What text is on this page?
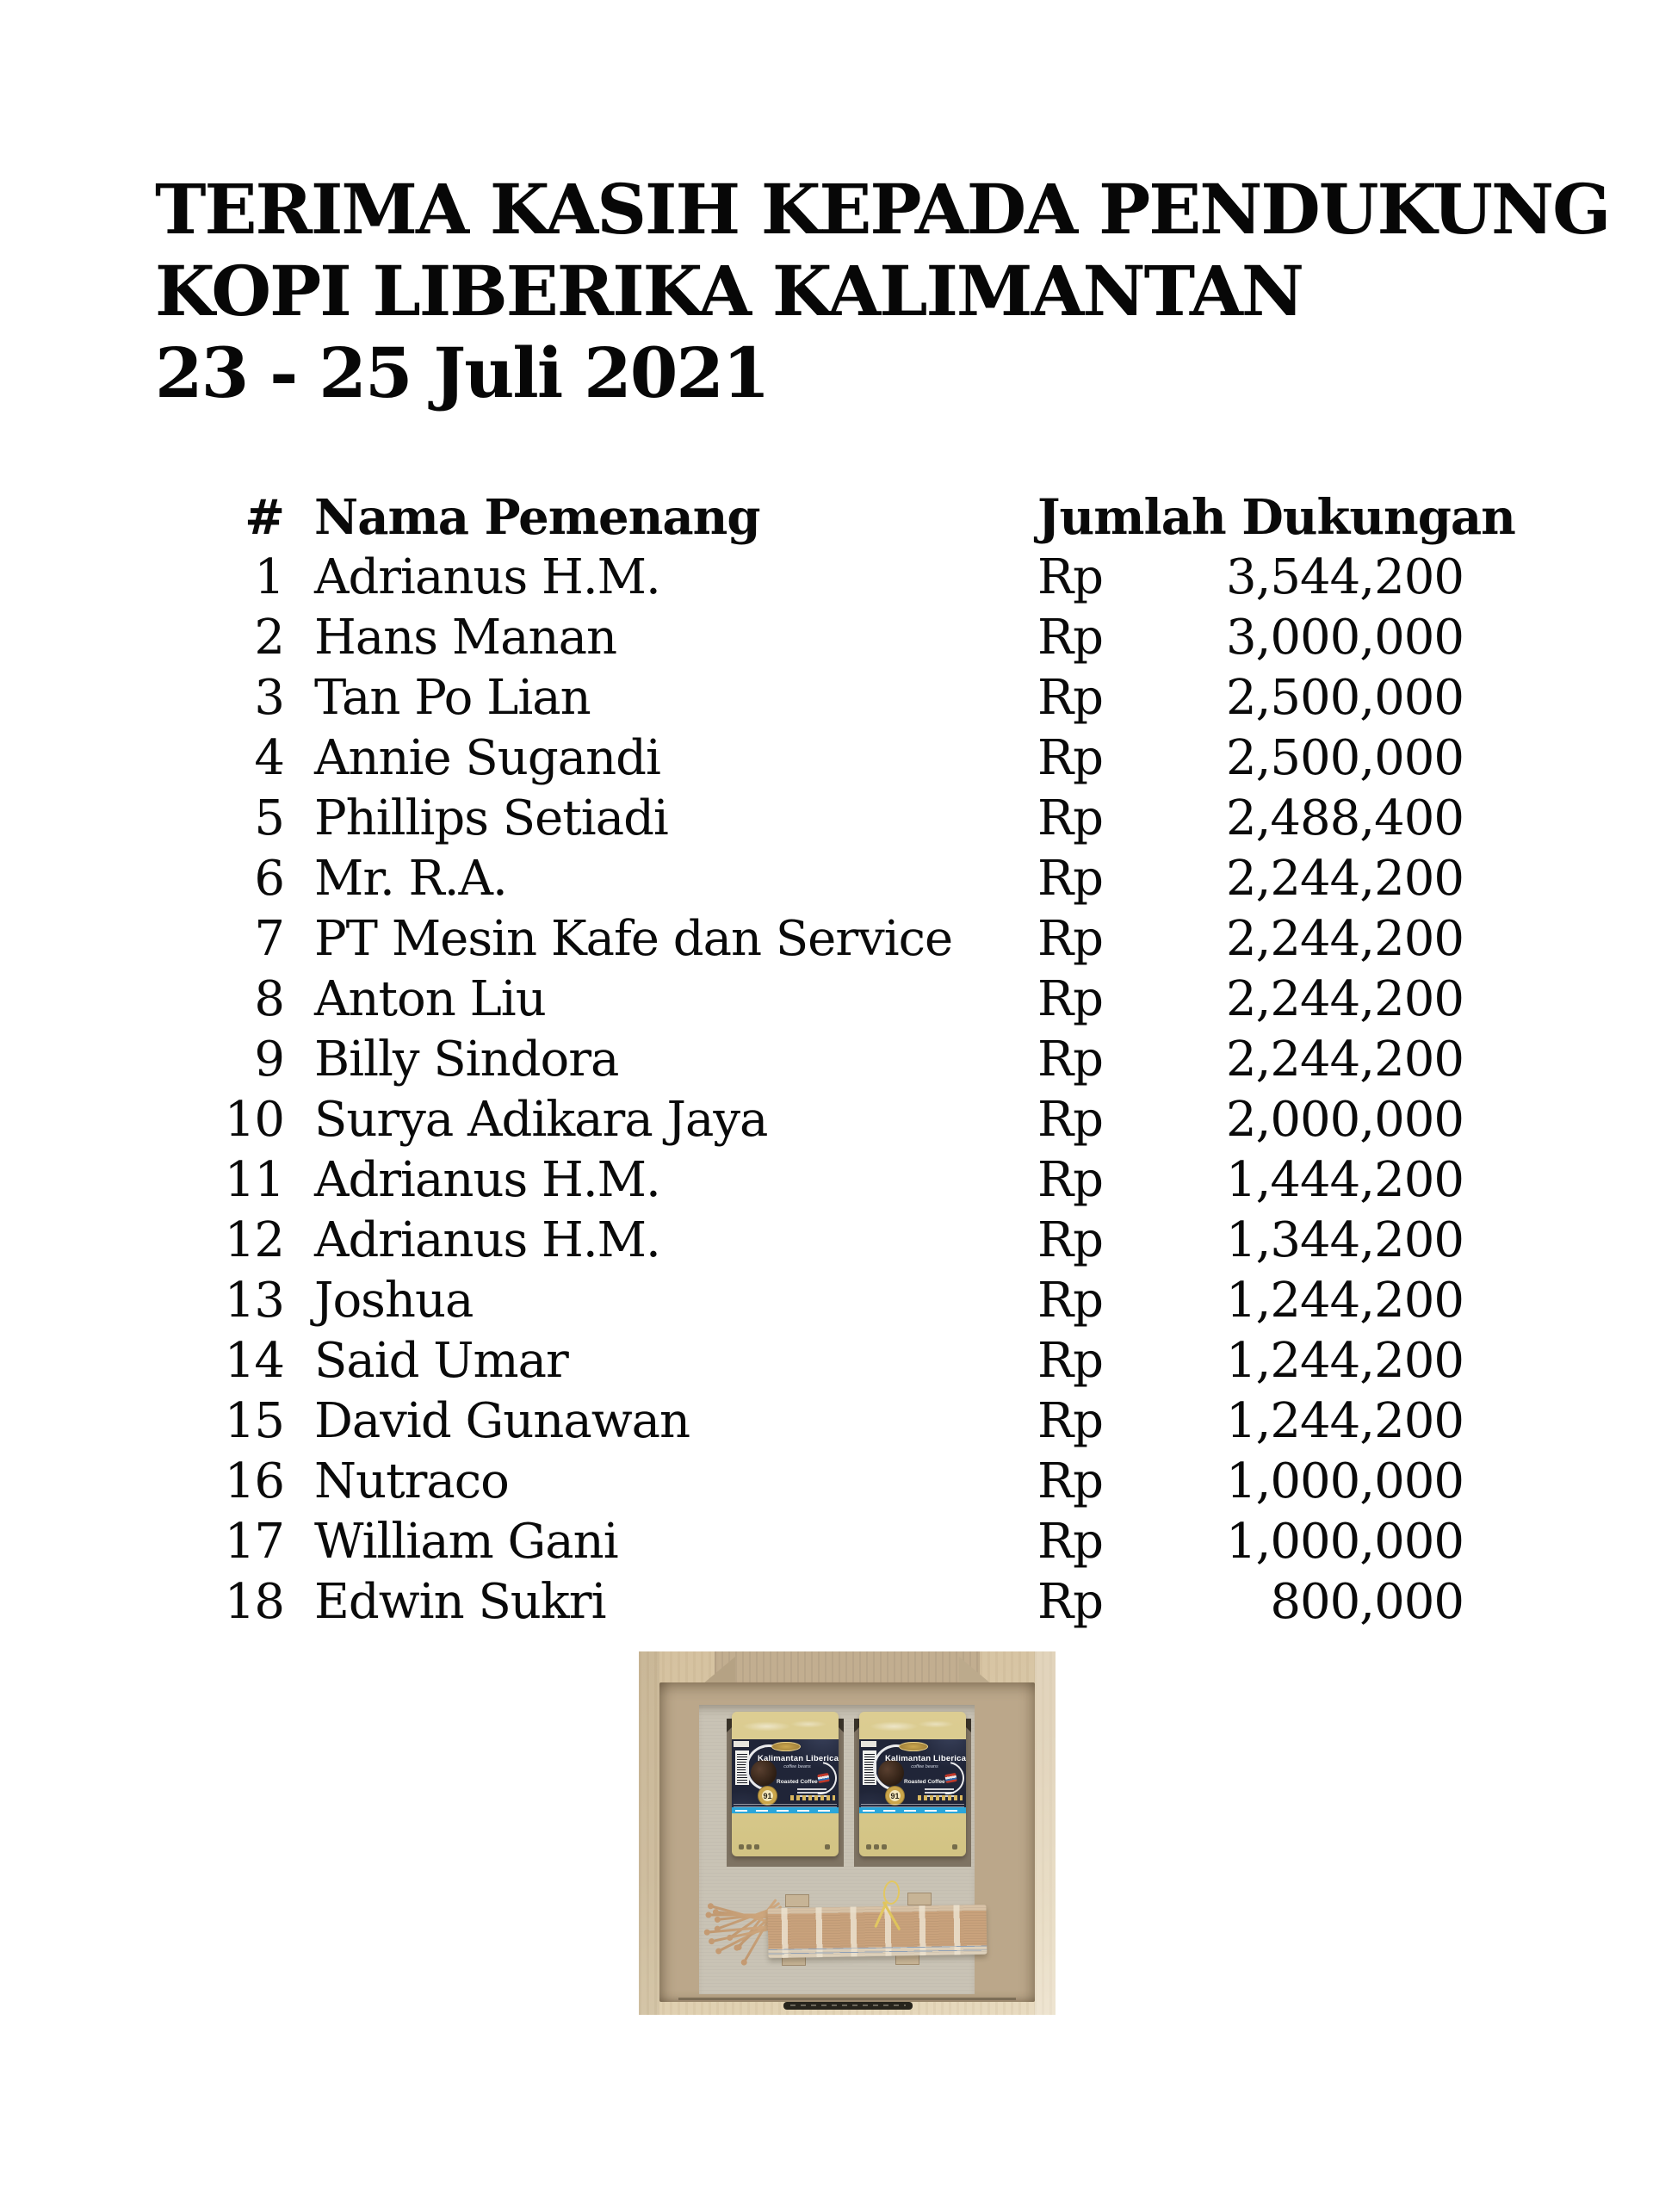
TERIMA KASIH KEPADA PENDUKUNG
KOPI LIBERIKA KALIMANTAN
23 - 25 Juli 2021
# Nama Pemenang	Jumlah Dukungan
1 Adrianus H.M.	Rp	3,544,200
2 Hans Manan	Rp	3,000,000
3 Tan Po Lian	Rp	2,500,000
4 Annie Sugandi	Rp	2,500,000
5 Phillips Setiadi	Rp	2,488,400
6 Mr. R.A.	Rp	2,244,200
7 PT Mesin Kafe dan Service	Rp	2,244,200
8 Anton Liu	Rp	2,244,200
9 Billy Sindora	Rp	2,244,200
10 Surya Adikara Jaya	Rp	2,000,000
11 Adrianus H.M.	Rp	1,444,200
12 Adrianus H.M.	Rp	1,344,200
13 Joshua	Rp	1,244,200
14 Said Umar	Rp	1,244,200
15 David Gunawan	Rp	1,244,200
16 Nutraco	Rp	1,000,000
17 William Gani	Rp	1,000,000
18 Edwin Sukri	Rp	800,000
Kalimantan Liberica
coffee beans
Roasted Coffee
91
Kalimantan Liberica
coffee beans
Roasted Coffee
91
